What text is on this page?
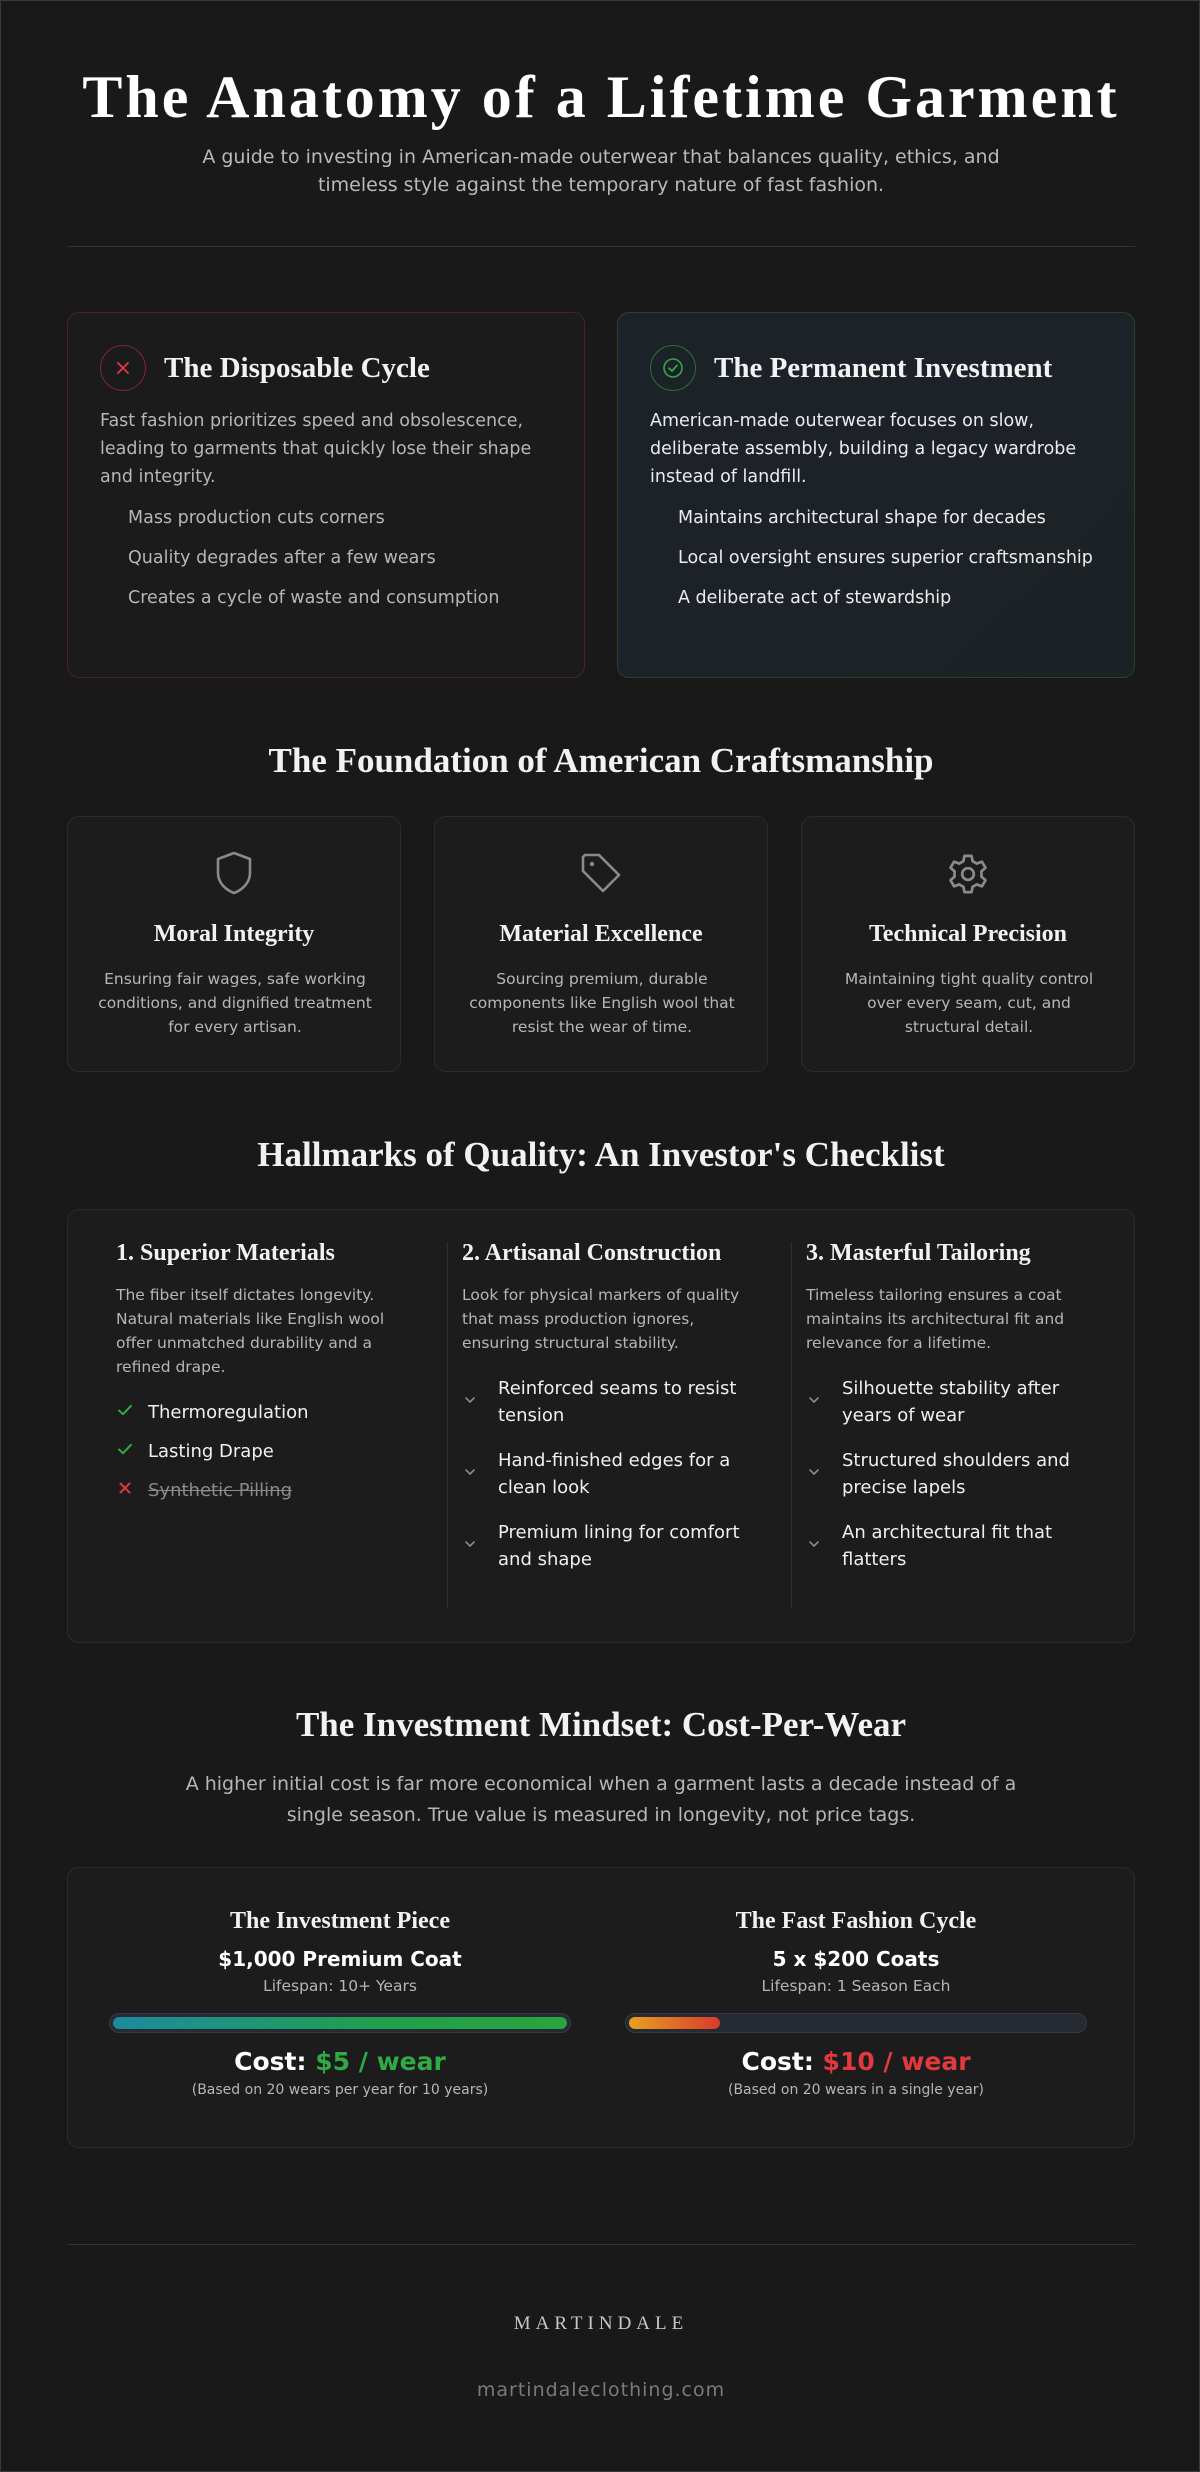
The Anatomy of a Lifetime Garment

A guide to investing in American-made outerwear that balances quality, ethics, and timeless style against the temporary nature of fast fashion.

The Disposable Cycle

Fast fashion prioritizes speed and obsolescence, leading to garments that quickly lose their shape and integrity.

Mass production cuts corners
Quality degrades after a few wears
Creates a cycle of waste and consumption
The Permanent Investment

American-made outerwear focuses on slow, deliberate assembly, building a legacy wardrobe instead of landfill.

Maintains architectural shape for decades
Local oversight ensures superior craftsmanship
A deliberate act of stewardship
The Foundation of American Craftsmanship
Moral Integrity

Ensuring fair wages, safe working conditions, and dignified treatment for every artisan.

Material Excellence

Sourcing premium, durable components like English wool that resist the wear of time.

Technical Precision

Maintaining tight quality control over every seam, cut, and structural detail.

Hallmarks of Quality: An Investor's Checklist
1. Superior Materials

The fiber itself dictates longevity. Natural materials like English wool offer unmatched durability and a refined drape.

Thermoregulation
Lasting Drape
Synthetic Pilling
2. Artisanal Construction

Look for physical markers of quality that mass production ignores, ensuring structural stability.

Reinforced seams to resist tension
Hand-finished edges for a clean look
Premium lining for comfort and shape
3. Masterful Tailoring

Timeless tailoring ensures a coat maintains its architectural fit and relevance for a lifetime.

Silhouette stability after years of wear
Structured shoulders and precise lapels
An architectural fit that flatters
The Investment Mindset: Cost-Per-Wear

A higher initial cost is far more economical when a garment lasts a decade instead of a single season. True value is measured in longevity, not price tags.

The Investment Piece
$1,000 Premium Coat
Lifespan: 10+ Years
Cost: $5 / wear
(Based on 20 wears per year for 10 years)
The Fast Fashion Cycle
5 x $200 Coats
Lifespan: 1 Season Each
Cost: $10 / wear
(Based on 20 wears in a single year)
MARTINDALE
martindaleclothing.com
